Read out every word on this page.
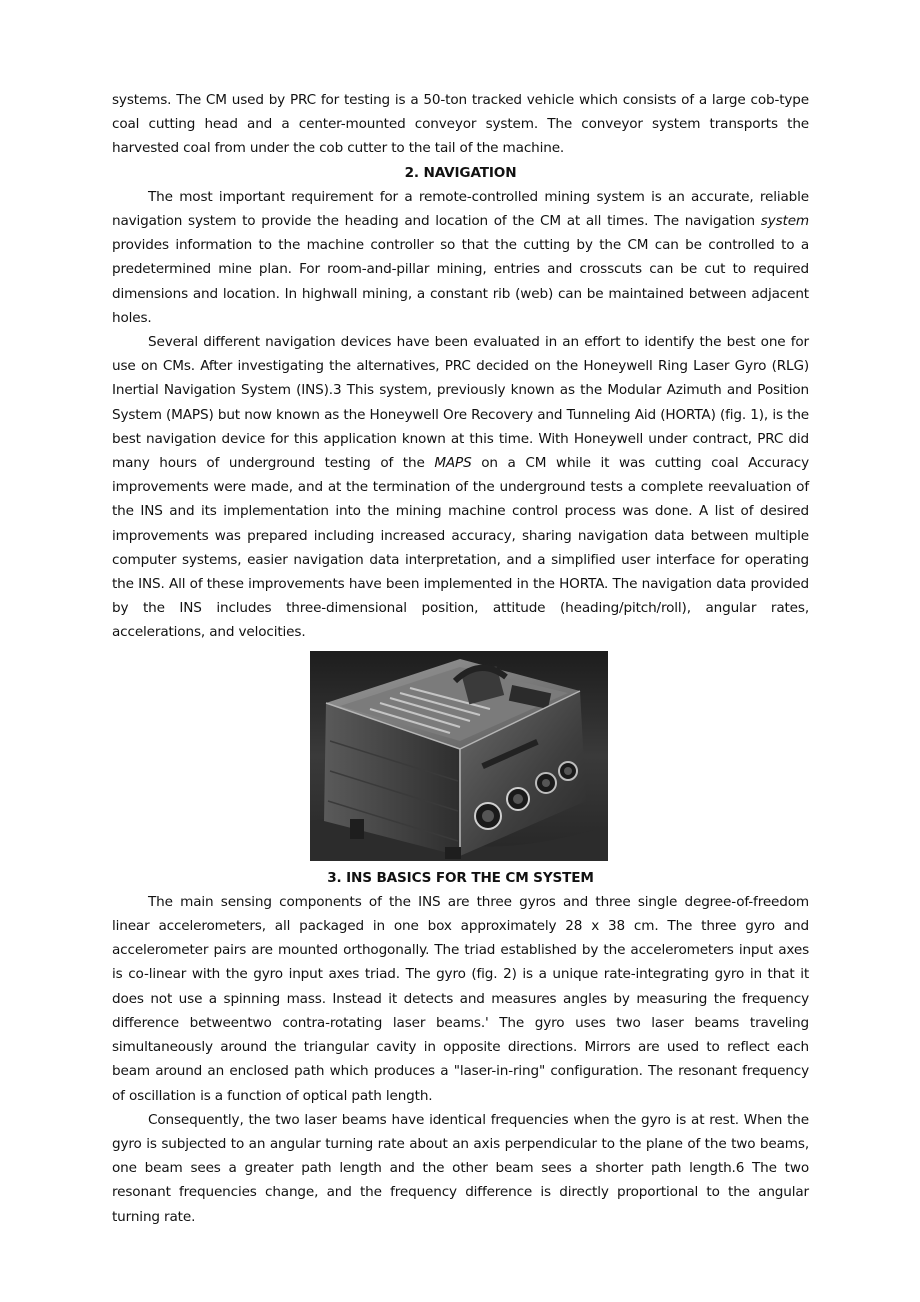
systems. The CM used by PRC for testing is a 50-ton tracked vehicle which consists of a large cob-type coal cutting head and a center-mounted conveyor system. The conveyor system transports the harvested coal from under the cob cutter to the tail of the machine.

2. NAVIGATION

The most important requirement for a remote-controlled mining system is an accurate, reliable navigation system to provide the heading and location of the CM at all times. The navigation system provides information to the machine controller so that the cutting by the CM can be controlled to a predetermined mine plan. For room-and-pillar mining, entries and crosscuts can be cut to required dimensions and location. In highwall mining, a constant rib (web) can be maintained between adjacent holes.

Several different navigation devices have been evaluated in an effort to identify the best one for use on CMs. After investigating the alternatives, PRC decided on the Honeywell Ring Laser Gyro (RLG) Inertial Navigation System (INS).3 This system, previously known as the Modular Azimuth and Position System (MAPS) but now known as the Honeywell Ore Recovery and Tunneling Aid (HORTA) (fig. 1), is the best navigation device for this application known at this time. With Honeywell under contract, PRC did many hours of underground testing of the MAPS on a CM while it was cutting coal Accuracy improvements were made, and at the termination of the underground tests a complete reevaluation of the INS and its implementation into the mining machine control process was done. A list of desired improvements was prepared including increased accuracy, sharing navigation data between multiple computer systems, easier navigation data interpretation, and a simplified user interface for operating the INS. All of these improvements have been implemented in the HORTA. The navigation data provided by the INS includes three-dimensional position, attitude (heading/pitch/roll), angular rates, accelerations, and velocities.

3. INS BASICS FOR THE CM SYSTEM

The main sensing components of the INS are three gyros and three single degree-of-freedom linear accelerometers, all packaged in one box approximately 28 x 38 cm. The three gyro and accelerometer pairs are mounted orthogonally. The triad established by the accelerometers input axes is co-linear with the gyro input axes triad. The gyro (fig. 2) is a unique rate-integrating gyro in that it does not use a spinning mass. Instead it detects and measures angles by measuring the frequency difference betweentwo contra-rotating laser beams.' The gyro uses two laser beams traveling simultaneously around the triangular cavity in opposite directions. Mirrors are used to reflect each beam around an enclosed path which produces a "laser-in-ring" configuration. The resonant frequency of oscillation is a function of optical path length.

Consequently, the two laser beams have identical frequencies when the gyro is at rest. When the gyro is subjected to an angular turning rate about an axis perpendicular to the plane of the two beams, one beam sees a greater path length and the other beam sees a shorter path length.6 The two resonant frequencies change, and the frequency difference is directly proportional to the angular turning rate.
